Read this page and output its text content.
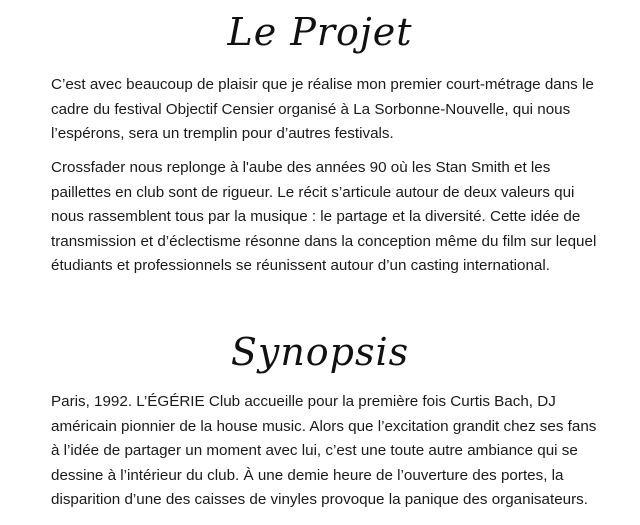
Le Projet

C’est avec beaucoup de plaisir que je réalise mon premier court-métrage dans le cadre du festival Objectif Censier organisé à La Sorbonne-Nouvelle, qui nous l’espérons, sera un tremplin pour d’autres festivals.

Crossfader nous replonge à l'aube des années 90 où les Stan Smith et les paillettes en club sont de rigueur. Le récit s’articule autour de deux valeurs qui nous rassemblent tous par la musique : le partage et la diversité. Cette idée de transmission et d’éclectisme résonne dans la conception même du film sur lequel étudiants et professionnels se réunissent autour d’un casting international.

Synopsis

Paris, 1992. L’ÉGÉRIE Club accueille pour la première fois Curtis Bach, DJ américain pionnier de la house music. Alors que l’excitation grandit chez ses fans à l’idée de partager un moment avec lui, c’est une toute autre ambiance qui se dessine à l’intérieur du club. À une demie heure de l’ouverture des portes, la disparition d’une des caisses de vinyles provoque la panique des organisateurs.
